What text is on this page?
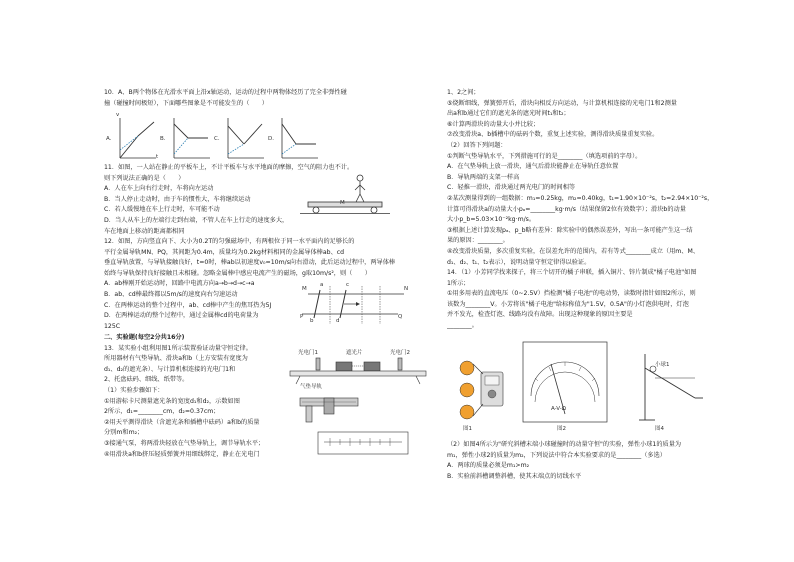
10．A、B两个物体在光滑水平面上沿x轴运动，运动的过程中两物体经历了完全非弹性碰
撞（碰撞时间极短），下面哪些图象是不可能发生的（　　）
A．	B．	C．	D．
v
t
11．如图，一人站在静止的平板车上，不计平板车与水平地面的摩擦，空气的阻力也不计。
则下列说法正确的是（　　）
A．人在车上向右行走时，车将向左运动
B．当人停止走动时，由于车的惯性大，车将继续运动
C．若人缓慢地在车上行走时，车可能不动
D．当人从车上的左端行走到右端，不管人在车上行走的速度多大，
车在地面上移动的距离都相同
M
12．如图，方向竖直向下、大小为0.2T的匀强磁场中，有两根位于同一水平面内的足够长的
平行金属导轨MN、PQ，其间距为0.4m，质量均为0.2kg材料相同的金属导体棒ab、cd
垂直导轨放置，与导轨接触良好，t=0时，棒ab以初速度v₀=10m/s向右滑动，此后运动过程中，两导体棒
始终与导轨保持良好接触且未相碰。忽略金属棒中感应电流产生的磁场，g取10m/s²，则（　　）
A．ab棒刚开始运动时，回路中电流方向a→b→d→c→a
B．ab、cd棒最终都以5m/s的速度向右匀速运动
C．在两棒运动的整个过程中，ab、cd棒中产生的焦耳热为5J
D．在两棒运动的整个过程中，通过金属棒cd的电荷量为
125C
M	N
P	Q
a
b
c
d
二、实验题(每空2分共16分)
13．某实验小组利用图1所示装置验证动量守恒定律。
所用器材有气垫导轨、滑块a和b（上方安装有宽度为
d₁、d₂的遮光条）、与计算机相连接的光电门1和
2、托盘砝码、细线、纸带等。
（1）实验步骤如下：
①用游标卡尺测量遮光条的宽度d₁和d₂，示数如图
2所示，d₁=________cm，d₂=0.37cm；
②用天平测得滑块（含遮光条和插槽中砝码）a和b的质量
分别m和m₂；
③接通气泵，将两滑块轻放在气垫导轨上，调节导轨水平；
④用滑块a和b挤压轻质弹簧并用细线绑定，静止在光电门
光电门1	遮光片	光电门2
气垫导轨
1、2之间；
⑤烧断细线，弹簧弹开后，滑块向相反方向运动，与计算机相连接的光电门1和2测量
出a和b通过它们的遮光条的遮光时间t₁和t₂；
⑥计算两滑块的动量大小并比较；
⑦改变滑块a、b插槽中的砝码个数，重复上述实验，测得滑块质量重复实验。
（2）回答下列问题：
①判断气垫导轨水平，下列措施可行的是________（填选项前的字母）。
A．在气垫导轨上放一滑块，通气后滑块能静止在导轨任意位置
B．导轨两端的支架一样高
C．轻推一滑块，滑块通过两光电门的时间相等
②某次测量得到的一组数据：m₁=0.25kg，m₂=0.40kg，t₁=1.90×10⁻²s，t₂=2.94×10⁻²s，
计算可得滑块a的动量大小pₐ=________kg·m/s（结果保留2位有效数字）；滑块b的动量
大小p_b=5.03×10⁻²kg·m/s。
③根据上述计算发现pₐ、p_b略有差异：除实验中的偶然误差外，写出一条可能产生这一结
果的原因：________。
④改变滑块质量，多次重复实验，在误差允许的范围内，若有等式________成立（用m、M、
d₁、d₂、t₁、t₂表示），说明动量守恒定律得以验证。
14．（1）小芳同学找来探子，将三个切开的橘子串联，插入铜片、锌片制成"橘子电池"如图
1所示；
①用多用表的直流电压（0~2.5V）挡检测"橘子电池"的电动势，读数时指针如图2所示，则
该数为________V。小芳将该"橘子电池"给标称值为"1.5V，0.5A"的小灯泡供电时，灯泡
并不发光，检查灯泡、线路均没有故障。出现这种现象的原因主要是
________。
图1	图2
A-V-Ω
图4
小球1
（2）如图4所示为"研究斜槽末端小球碰撞时的动量守恒"的实验，弹性小球1的质量为
m₁，弹性小球2的质量为m₂，下列说法中符合本实验要求的是________（多选）
A．两球的质量必须是m₁>m₂
B．实验前斜槽调整斜槽，使其末端点的切线水平
